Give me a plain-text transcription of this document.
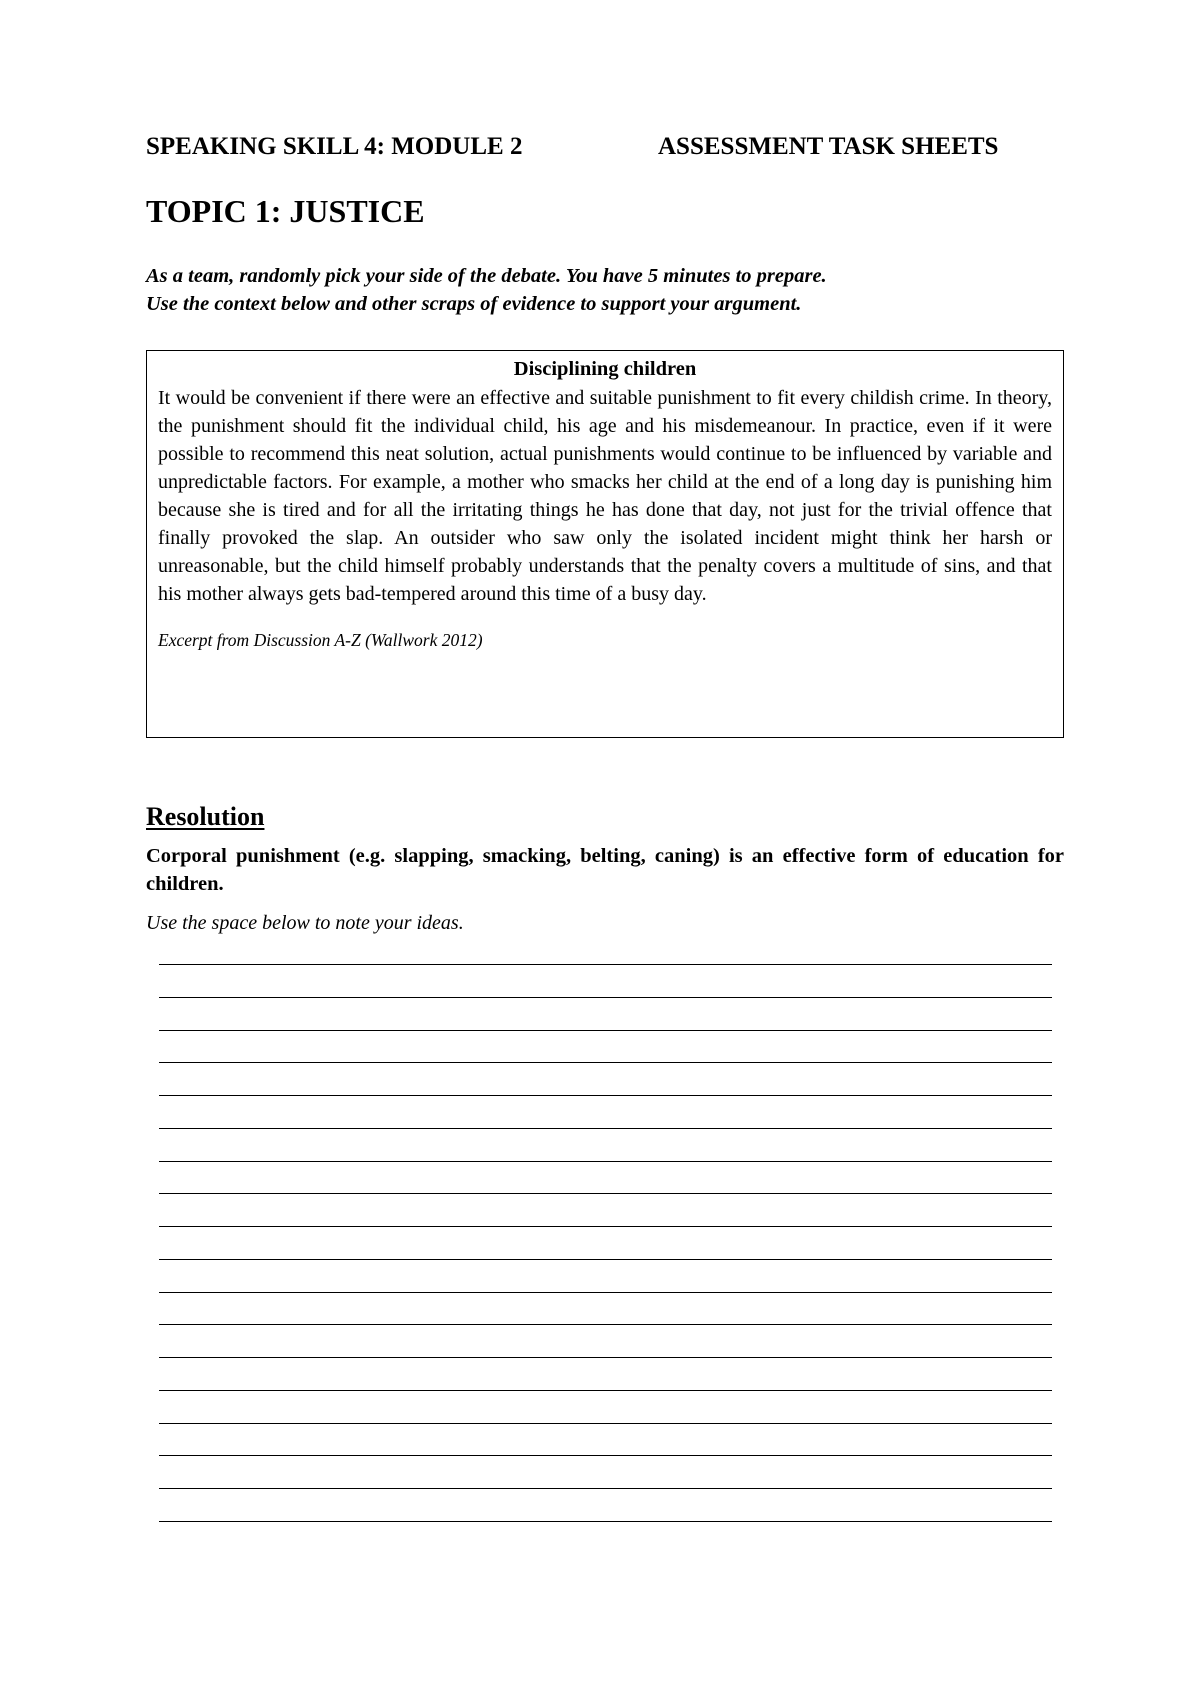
SPEAKING SKILL 4: MODULE 2	ASSESSMENT TASK SHEETS
TOPIC 1: JUSTICE
As a team, randomly pick your side of the debate. You have 5 minutes to prepare.
Use the context below and other scraps of evidence to support your argument.
Disciplining children
It would be convenient if there were an effective and suitable punishment to fit every childish crime. In theory, the punishment should fit the individual child, his age and his misdemeanour. In practice, even if it were possible to recommend this neat solution, actual punishments would continue to be influenced by variable and unpredictable factors. For example, a mother who smacks her child at the end of a long day is punishing him because she is tired and for all the irritating things he has done that day, not just for the trivial offence that finally provoked the slap. An outsider who saw only the isolated incident might think her harsh or unreasonable, but the child himself probably understands that the penalty covers a multitude of sins, and that his mother always gets bad-tempered around this time of a busy day.
Excerpt from Discussion A-Z (Wallwork 2012)
Resolution
Corporal punishment (e.g. slapping, smacking, belting, caning) is an effective form of education for children.
Use the space below to note your ideas.
